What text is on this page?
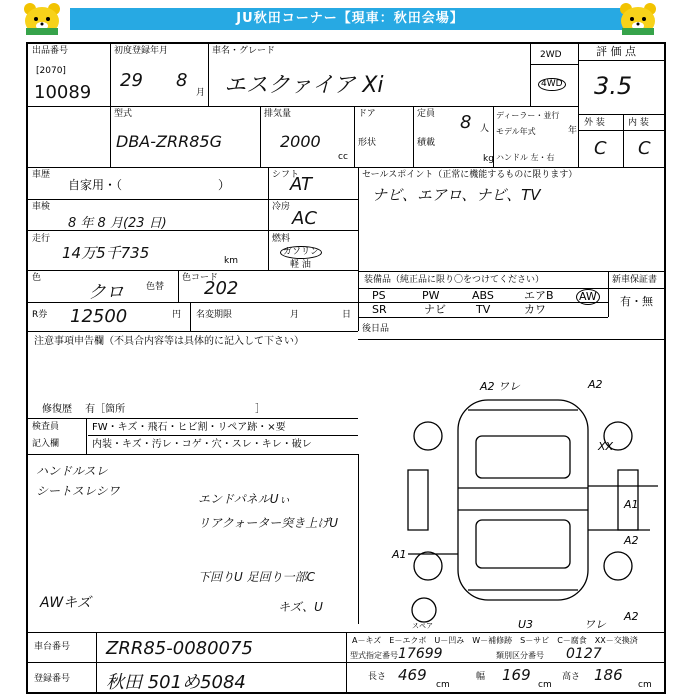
JU秋田コーナー【現車：秋田会場】
出品番号
[2070]
10089
初度登録年月
29 8
月
車名・グレード
エスクァイア Xi
2WD
4WD
評 価 点
3.5
型式
DBA-ZRR85G
排気量
2000
cc
ドア
形状
定員 8 人
積載
kg
ディーラー・並行
モデル年式	年
ハンドル 左・右
外 装	内 装
C C
車歴
自家用・（　　　　　　　　）
シフト
AT
車検
8 年 8 月(23 日)
冷房
AC
走行
14万5千735	km
燃料
ガソリン
軽 油
色
クロ 色替
色コード
202
R券 12500	円 名変期限	月	日
セールスポイント（正常に機能するものに限ります）
ナビ、エアロ、ナビ、TV
装備品（純正品に限り〇をつけてください）	新車保証書
有・無
PS	PW	ABS	エアB AW
SR	ナビ	TV	カワ
後日品
注意事項申告欄（不具合内容等は具体的に記入して下さい）
修復歴　 有［箇所　　　　　　　　　　　　　］
検査員
記入欄
FW・キズ・飛石・ヒビ割・リペア跡・×要
内装・キズ・汚レ・コゲ・穴・スレ・キレ・破レ
ハンドルスレ
シートスレシワ
エンドパネルUぃ
リアクォーター突き上げU
下回りU 足回り一部C
キズ、U
AWキズ
車台番号 ZRR85-0080075
登録番号 秋田 501め5084
A－キズ　E－エクボ　U－凹み　W－補修跡　S－サビ　C－腐食　XX－交換済
型式指定番号 17699	類別区分番号 0127
長さ 469
cm
幅 169
cm
高さ 186
cm
A2 ワレ	A2
XX
A1
A2
A1
A2
U3	ワレ
スペア
